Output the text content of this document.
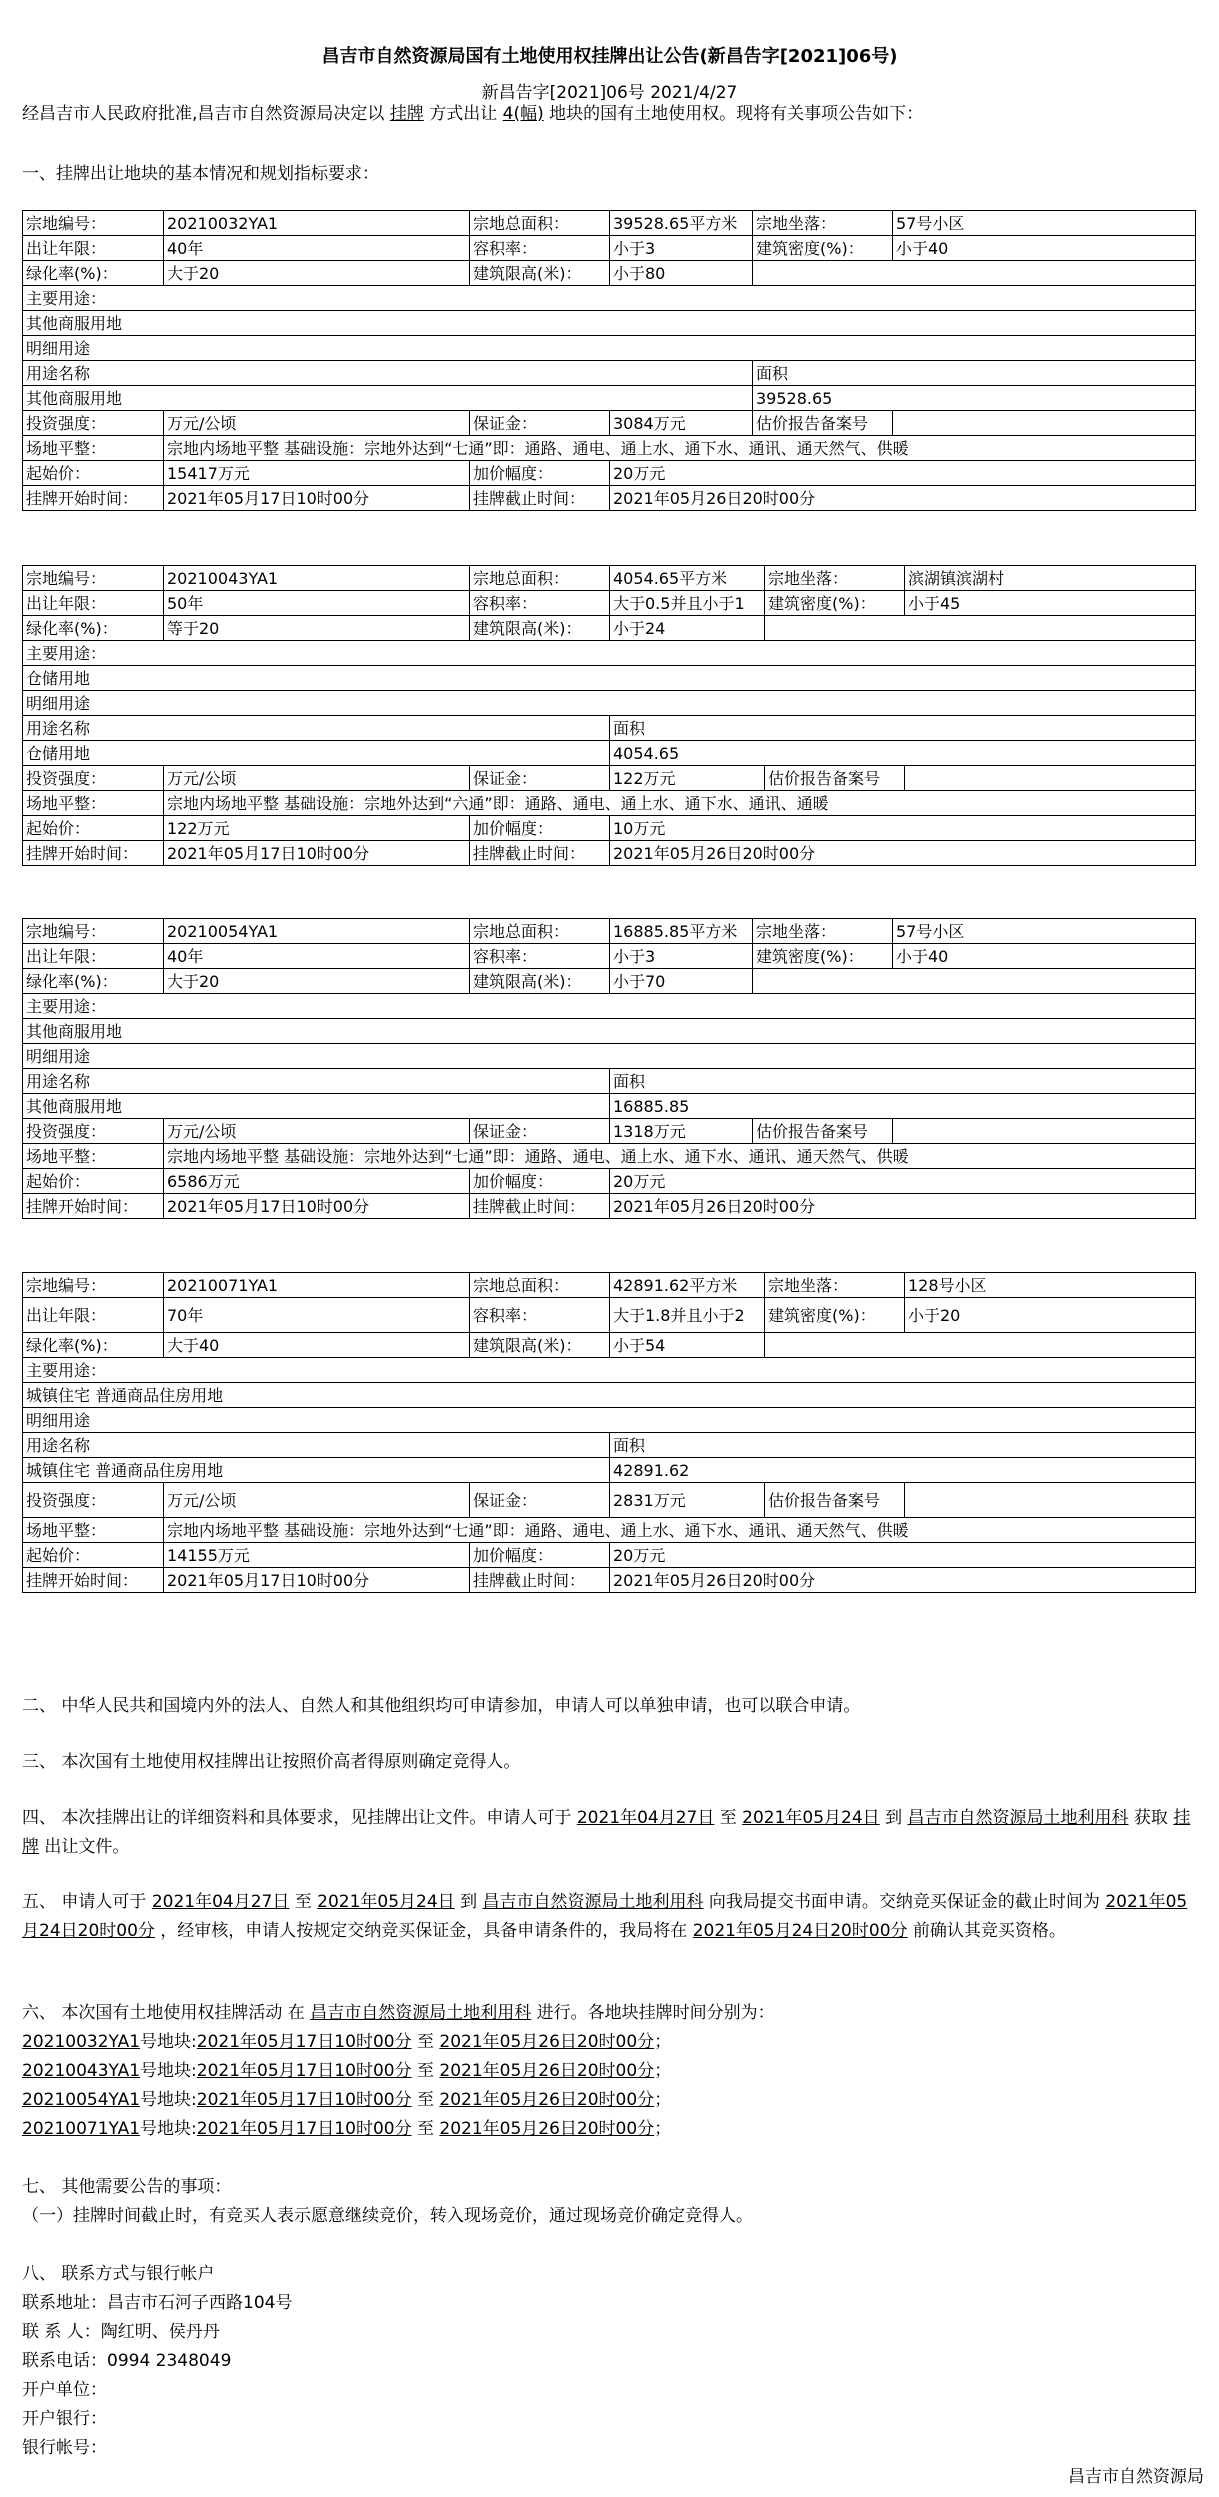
昌吉市自然资源局国有土地使用权挂牌出让公告(新昌告字[2021]06号)
新昌告字[2021]06号 2021/4/27
经昌吉市人民政府批准,昌吉市自然资源局决定以 挂牌 方式出让 4(幅) 地块的国有土地使用权。现将有关事项公告如下：
一、挂牌出让地块的基本情况和规划指标要求：
宗地编号：	20210032YA1	宗地总面积：	39528.65平方米	宗地坐落：	57号小区
出让年限：	40年	容积率：	小于3	建筑密度(%)：	小于40
绿化率(%)：	大于20	建筑限高(米)：	小于80		
主要用途：					
其他商服用地					
明细用途					
用途名称				面积	
其他商服用地				39528.65	
投资强度：	万元/公顷	保证金：	3084万元	估价报告备案号	
场地平整：	宗地内场地平整 基础设施：宗地外达到“七通”即：通路、通电、通上水、通下水、通讯、通天然气、供暖				
起始价：	15417万元	加价幅度：	20万元		
挂牌开始时间：	2021年05月17日10时00分	挂牌截止时间：	2021年05月26日20时00分		
宗地编号：	20210043YA1	宗地总面积：	4054.65平方米	宗地坐落：	滨湖镇滨湖村
出让年限：	50年	容积率：	大于0.5并且小于1	建筑密度(%)：	小于45
绿化率(%)：	等于20	建筑限高(米)：	小于24		
主要用途：					
仓储用地					
明细用途					
用途名称			面积		
仓储用地			4054.65		
投资强度：	万元/公顷	保证金：	122万元	估价报告备案号	
场地平整：	宗地内场地平整 基础设施：宗地外达到“六通”即：通路、通电、通上水、通下水、通讯、通暖				
起始价：	122万元	加价幅度：	10万元		
挂牌开始时间：	2021年05月17日10时00分	挂牌截止时间：	2021年05月26日20时00分		
宗地编号：	20210054YA1	宗地总面积：	16885.85平方米	宗地坐落：	57号小区
出让年限：	40年	容积率：	小于3	建筑密度(%)：	小于40
绿化率(%)：	大于20	建筑限高(米)：	小于70		
主要用途：					
其他商服用地					
明细用途					
用途名称			面积		
其他商服用地			16885.85		
投资强度：	万元/公顷	保证金：	1318万元	估价报告备案号	
场地平整：	宗地内场地平整 基础设施：宗地外达到“七通”即：通路、通电、通上水、通下水、通讯、通天然气、供暖				
起始价：	6586万元	加价幅度：	20万元		
挂牌开始时间：	2021年05月17日10时00分	挂牌截止时间：	2021年05月26日20时00分		
宗地编号：	20210071YA1	宗地总面积：	42891.62平方米	宗地坐落：	128号小区
出让年限：	70年	容积率：	大于1.8并且小于2	建筑密度(%)：	小于20
绿化率(%)：	大于40	建筑限高(米)：	小于54		
主要用途：					
城镇住宅 普通商品住房用地					
明细用途					
用途名称			面积		
城镇住宅 普通商品住房用地			42891.62		
投资强度：	万元/公顷	保证金：	2831万元	估价报告备案号	
场地平整：	宗地内场地平整 基础设施：宗地外达到“七通”即：通路、通电、通上水、通下水、通讯、通天然气、供暖				
起始价：	14155万元	加价幅度：	20万元		
挂牌开始时间：	2021年05月17日10时00分	挂牌截止时间：	2021年05月26日20时00分		
二、 中华人民共和国境内外的法人、自然人和其他组织均可申请参加，申请人可以单独申请，也可以联合申请。
三、 本次国有土地使用权挂牌出让按照价高者得原则确定竞得人。
四、 本次挂牌出让的详细资料和具体要求，见挂牌出让文件。申请人可于 2021年04月27日 至 2021年05月24日 到 昌吉市自然资源局土地利用科 获取 挂牌 出让文件。
五、 申请人可于 2021年04月27日 至 2021年05月24日 到 昌吉市自然资源局土地利用科 向我局提交书面申请。交纳竞买保证金的截止时间为 2021年05月24日20时00分 ，经审核，申请人按规定交纳竞买保证金，具备申请条件的，我局将在 2021年05月24日20时00分 前确认其竞买资格。
六、 本次国有土地使用权挂牌活动 在 昌吉市自然资源局土地利用科 进行。各地块挂牌时间分别为：
20210032YA1号地块:2021年05月17日10时00分 至 2021年05月26日20时00分；
20210043YA1号地块:2021年05月17日10时00分 至 2021年05月26日20时00分；
20210054YA1号地块:2021年05月17日10时00分 至 2021年05月26日20时00分；
20210071YA1号地块:2021年05月17日10时00分 至 2021年05月26日20时00分；
七、 其他需要公告的事项：
（一）挂牌时间截止时，有竞买人表示愿意继续竞价，转入现场竞价，通过现场竞价确定竞得人。
八、 联系方式与银行帐户
联系地址：昌吉市石河子西路104号
联 系 人：陶红明、侯丹丹
联系电话：0994 2348049
开户单位：
开户银行：
银行帐号：
昌吉市自然资源局
